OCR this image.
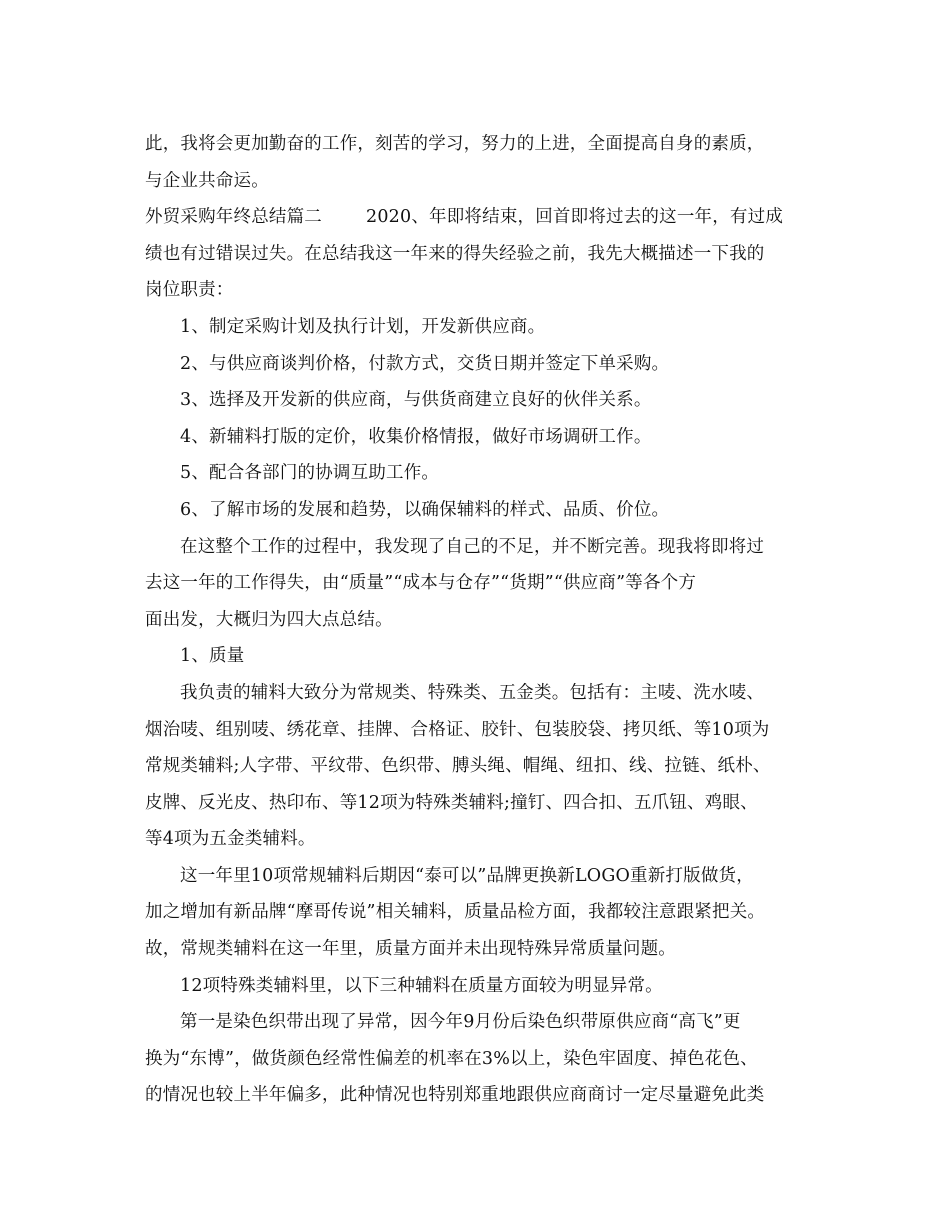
此，我将会更加勤奋的工作，刻苦的学习，努力的上进，全面提高自身的素质，
与企业共命运。
外贸采购年终总结篇二	2020、年即将结束，回首即将过去的这一年，有过成
绩也有过错误过失。在总结我这一年来的得失经验之前，我先大概描述一下我的
岗位职责：
1、制定采购计划及执行计划，开发新供应商。
2、与供应商谈判价格，付款方式，交货日期并签定下单采购。
3、选择及开发新的供应商，与供货商建立良好的伙伴关系。
4、新辅料打版的定价，收集价格情报，做好市场调研工作。
5、配合各部门的协调互助工作。
6、了解市场的发展和趋势，以确保辅料的样式、品质、价位。
在这整个工作的过程中，我发现了自己的不足，并不断完善。现我将即将过
去这一年的工作得失，由“质量”“成本与仓存”“货期”“供应商”等各个方
面出发，大概归为四大点总结。
1、质量
我负责的辅料大致分为常规类、特殊类、五金类。包括有：主唛、洗水唛、
烟治唛、组别唛、绣花章、挂牌、合格证、胶针、包装胶袋、拷贝纸、等10项为
常规类辅料;人字带、平纹带、色织带、膊头绳、帽绳、纽扣、线、拉链、纸朴、
皮牌、反光皮、热印布、等12项为特殊类辅料;撞钉、四合扣、五爪钮、鸡眼、
等4项为五金类辅料。
这一年里10项常规辅料后期因“泰可以”品牌更换新LOGO重新打版做货，
加之增加有新品牌“摩哥传说”相关辅料，质量品检方面，我都较注意跟紧把关。
故，常规类辅料在这一年里，质量方面并未出现特殊异常质量问题。
12项特殊类辅料里，以下三种辅料在质量方面较为明显异常。
第一是染色织带出现了异常，因今年9月份后染色织带原供应商“高飞”更
换为“东博”，做货颜色经常性偏差的机率在3%以上，染色牢固度、掉色花色、
的情况也较上半年偏多，此种情况也特别郑重地跟供应商商讨一定尽量避免此类
